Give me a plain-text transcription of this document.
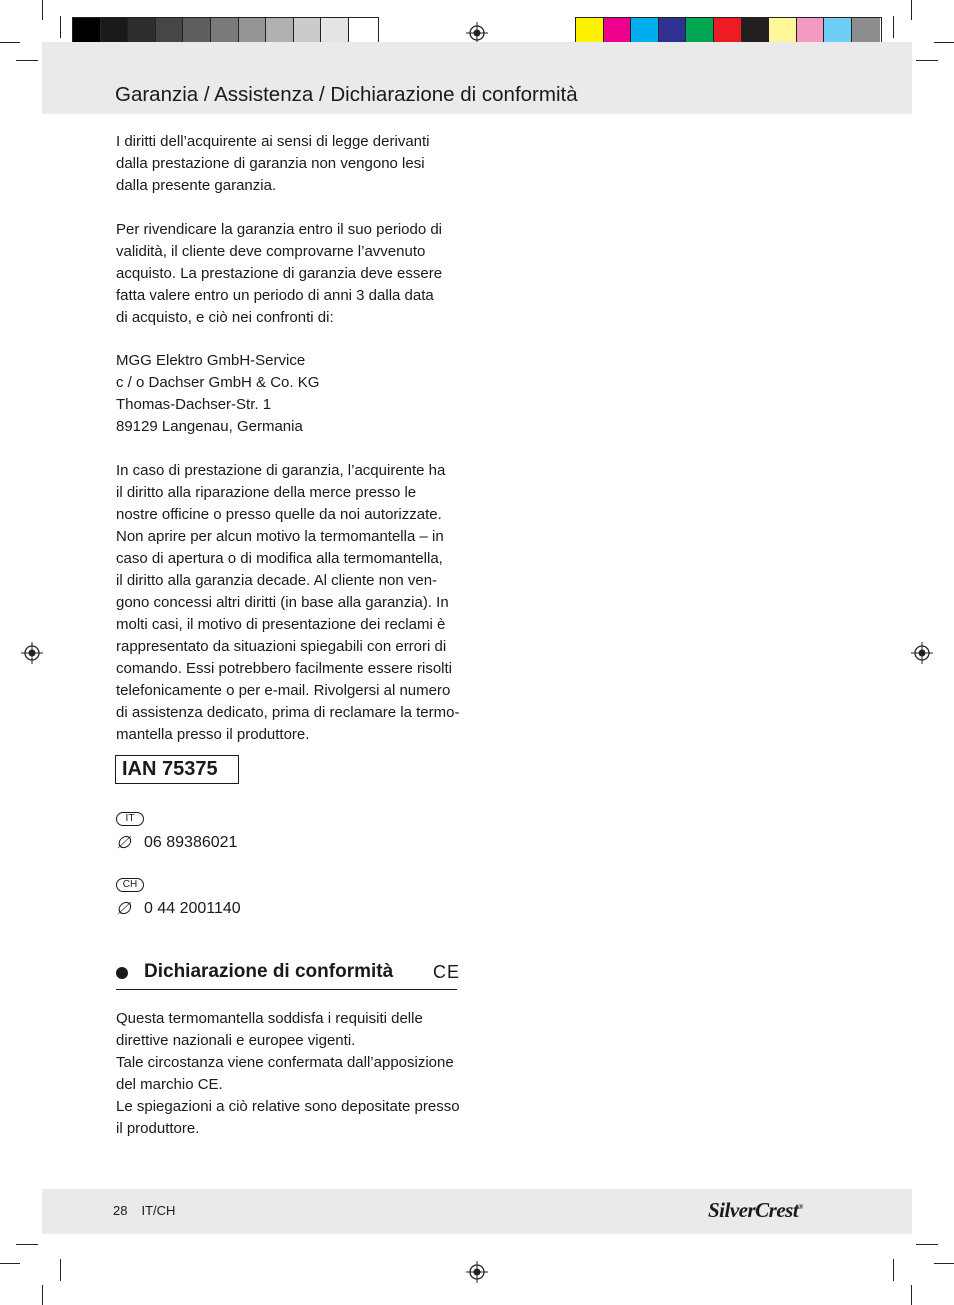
Garanzia / Assistenza / Dichiarazione di conformità

I diritti dell’acquirente ai sensi di legge derivanti
dalla prestazione di garanzia non vengono lesi
dalla presente garanzia.

Per rivendicare la garanzia entro il suo periodo di
validità, il cliente deve comprovarne l’avvenuto
acquisto. La prestazione di garanzia deve essere
fatta valere entro un periodo di anni 3 dalla data
di acquisto, e ciò nei confronti di:

MGG Elektro GmbH-Service
c / o Dachser GmbH & Co. KG
Thomas-Dachser-Str. 1
89129 Langenau, Germania

In caso di prestazione di garanzia, l’acquirente ha
il diritto alla riparazione della merce presso le
nostre officine o presso quelle da noi autorizzate.
Non aprire per alcun motivo la termomantella – in
caso di apertura o di modifica alla termomantella,
il diritto alla garanzia decade. Al cliente non ven-
gono concessi altri diritti (in base alla garanzia). In
molti casi, il motivo di presentazione dei reclami è
rappresentato da situazioni spiegabili con errori di
comando. Essi potrebbero facilmente essere risolti
telefonicamente o per e-mail. Rivolgersi al numero
di assistenza dedicato, prima di reclamare la termo-
mantella presso il produttore.

IAN 75375
IT
∅ 06 89386021
CH
∅ 0 44 2001140
Dichiarazione di conformità CE

Questa termomantella soddisfa i requisiti delle
direttive nazionali e europee vigenti.
Tale circostanza viene confermata dall’apposizione
del marchio CE.
Le spiegazioni a ciò relative sono depositate presso
il produttore.

28 IT/CH	SilverCrest®
